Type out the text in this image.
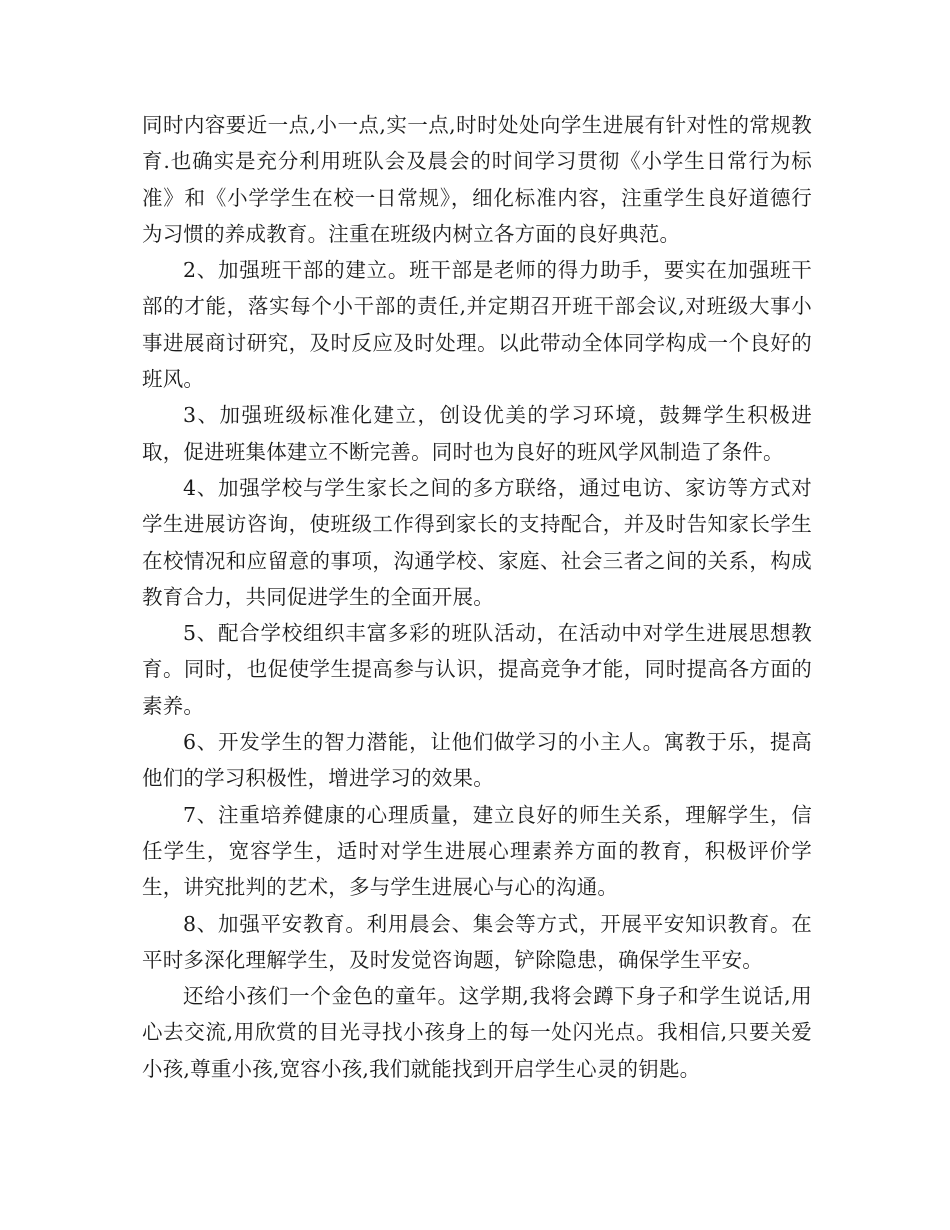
同时内容要近一点,小一点,实一点,时时处处向学生进展有针对性的常规教育.也确实是充分利用班队会及晨会的时间学习贯彻《小学生日常行为标准》和《小学学生在校一日常规》，细化标准内容，注重学生良好道德行为习惯的养成教育。注重在班级内树立各方面的良好典范。

2、加强班干部的建立。班干部是老师的得力助手，要实在加强班干部的才能，落实每个小干部的责任,并定期召开班干部会议,对班级大事小事进展商讨研究，及时反应及时处理。以此带动全体同学构成一个良好的班风。

3、加强班级标准化建立，创设优美的学习环境，鼓舞学生积极进取，促进班集体建立不断完善。同时也为良好的班风学风制造了条件。

4、加强学校与学生家长之间的多方联络，通过电访、家访等方式对学生进展访咨询，使班级工作得到家长的支持配合，并及时告知家长学生在校情况和应留意的事项，沟通学校、家庭、社会三者之间的关系，构成教育合力，共同促进学生的全面开展。

5、配合学校组织丰富多彩的班队活动，在活动中对学生进展思想教育。同时，也促使学生提高参与认识，提高竞争才能，同时提高各方面的素养。

6、开发学生的智力潜能，让他们做学习的小主人。寓教于乐，提高他们的学习积极性，增进学习的效果。

7、注重培养健康的心理质量，建立良好的师生关系，理解学生，信任学生，宽容学生，适时对学生进展心理素养方面的教育，积极评价学生，讲究批判的艺术，多与学生进展心与心的沟通。

8、加强平安教育。利用晨会、集会等方式，开展平安知识教育。在平时多深化理解学生，及时发觉咨询题，铲除隐患，确保学生平安。

还给小孩们一个金色的童年。这学期,我将会蹲下身子和学生说话,用心去交流,用欣赏的目光寻找小孩身上的每一处闪光点。我相信,只要关爱小孩,尊重小孩,宽容小孩,我们就能找到开启学生心灵的钥匙。
